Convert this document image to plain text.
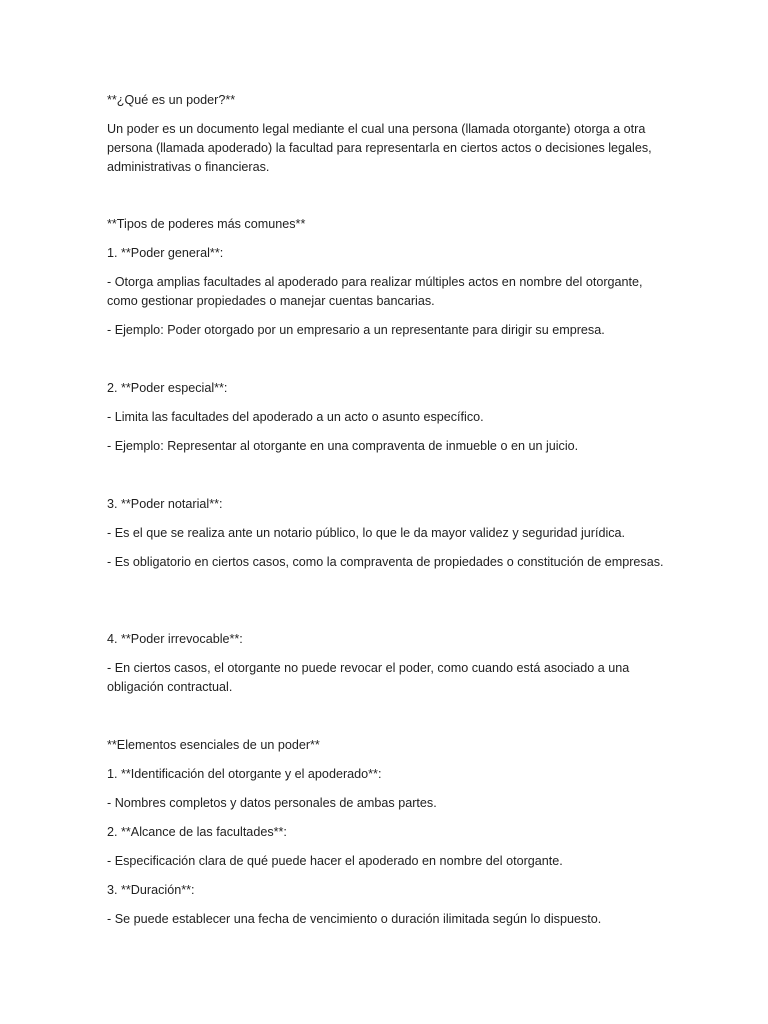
**¿Qué es un poder?**

Un poder es un documento legal mediante el cual una persona (llamada otorgante) otorga a otra persona (llamada apoderado) la facultad para representarla en ciertos actos o decisiones legales, administrativas o financieras.

**Tipos de poderes más comunes**

1. **Poder general**:

- Otorga amplias facultades al apoderado para realizar múltiples actos en nombre del otorgante, como gestionar propiedades o manejar cuentas bancarias.

- Ejemplo: Poder otorgado por un empresario a un representante para dirigir su empresa.

2. **Poder especial**:

- Limita las facultades del apoderado a un acto o asunto específico.

- Ejemplo: Representar al otorgante en una compraventa de inmueble o en un juicio.

3. **Poder notarial**:

- Es el que se realiza ante un notario público, lo que le da mayor validez y seguridad jurídica.

- Es obligatorio en ciertos casos, como la compraventa de propiedades o constitución de empresas.

4. **Poder irrevocable**:

- En ciertos casos, el otorgante no puede revocar el poder, como cuando está asociado a una obligación contractual.

**Elementos esenciales de un poder**

1. **Identificación del otorgante y el apoderado**:

- Nombres completos y datos personales de ambas partes.

2. **Alcance de las facultades**:

- Especificación clara de qué puede hacer el apoderado en nombre del otorgante.

3. **Duración**:

- Se puede establecer una fecha de vencimiento o duración ilimitada según lo dispuesto.
